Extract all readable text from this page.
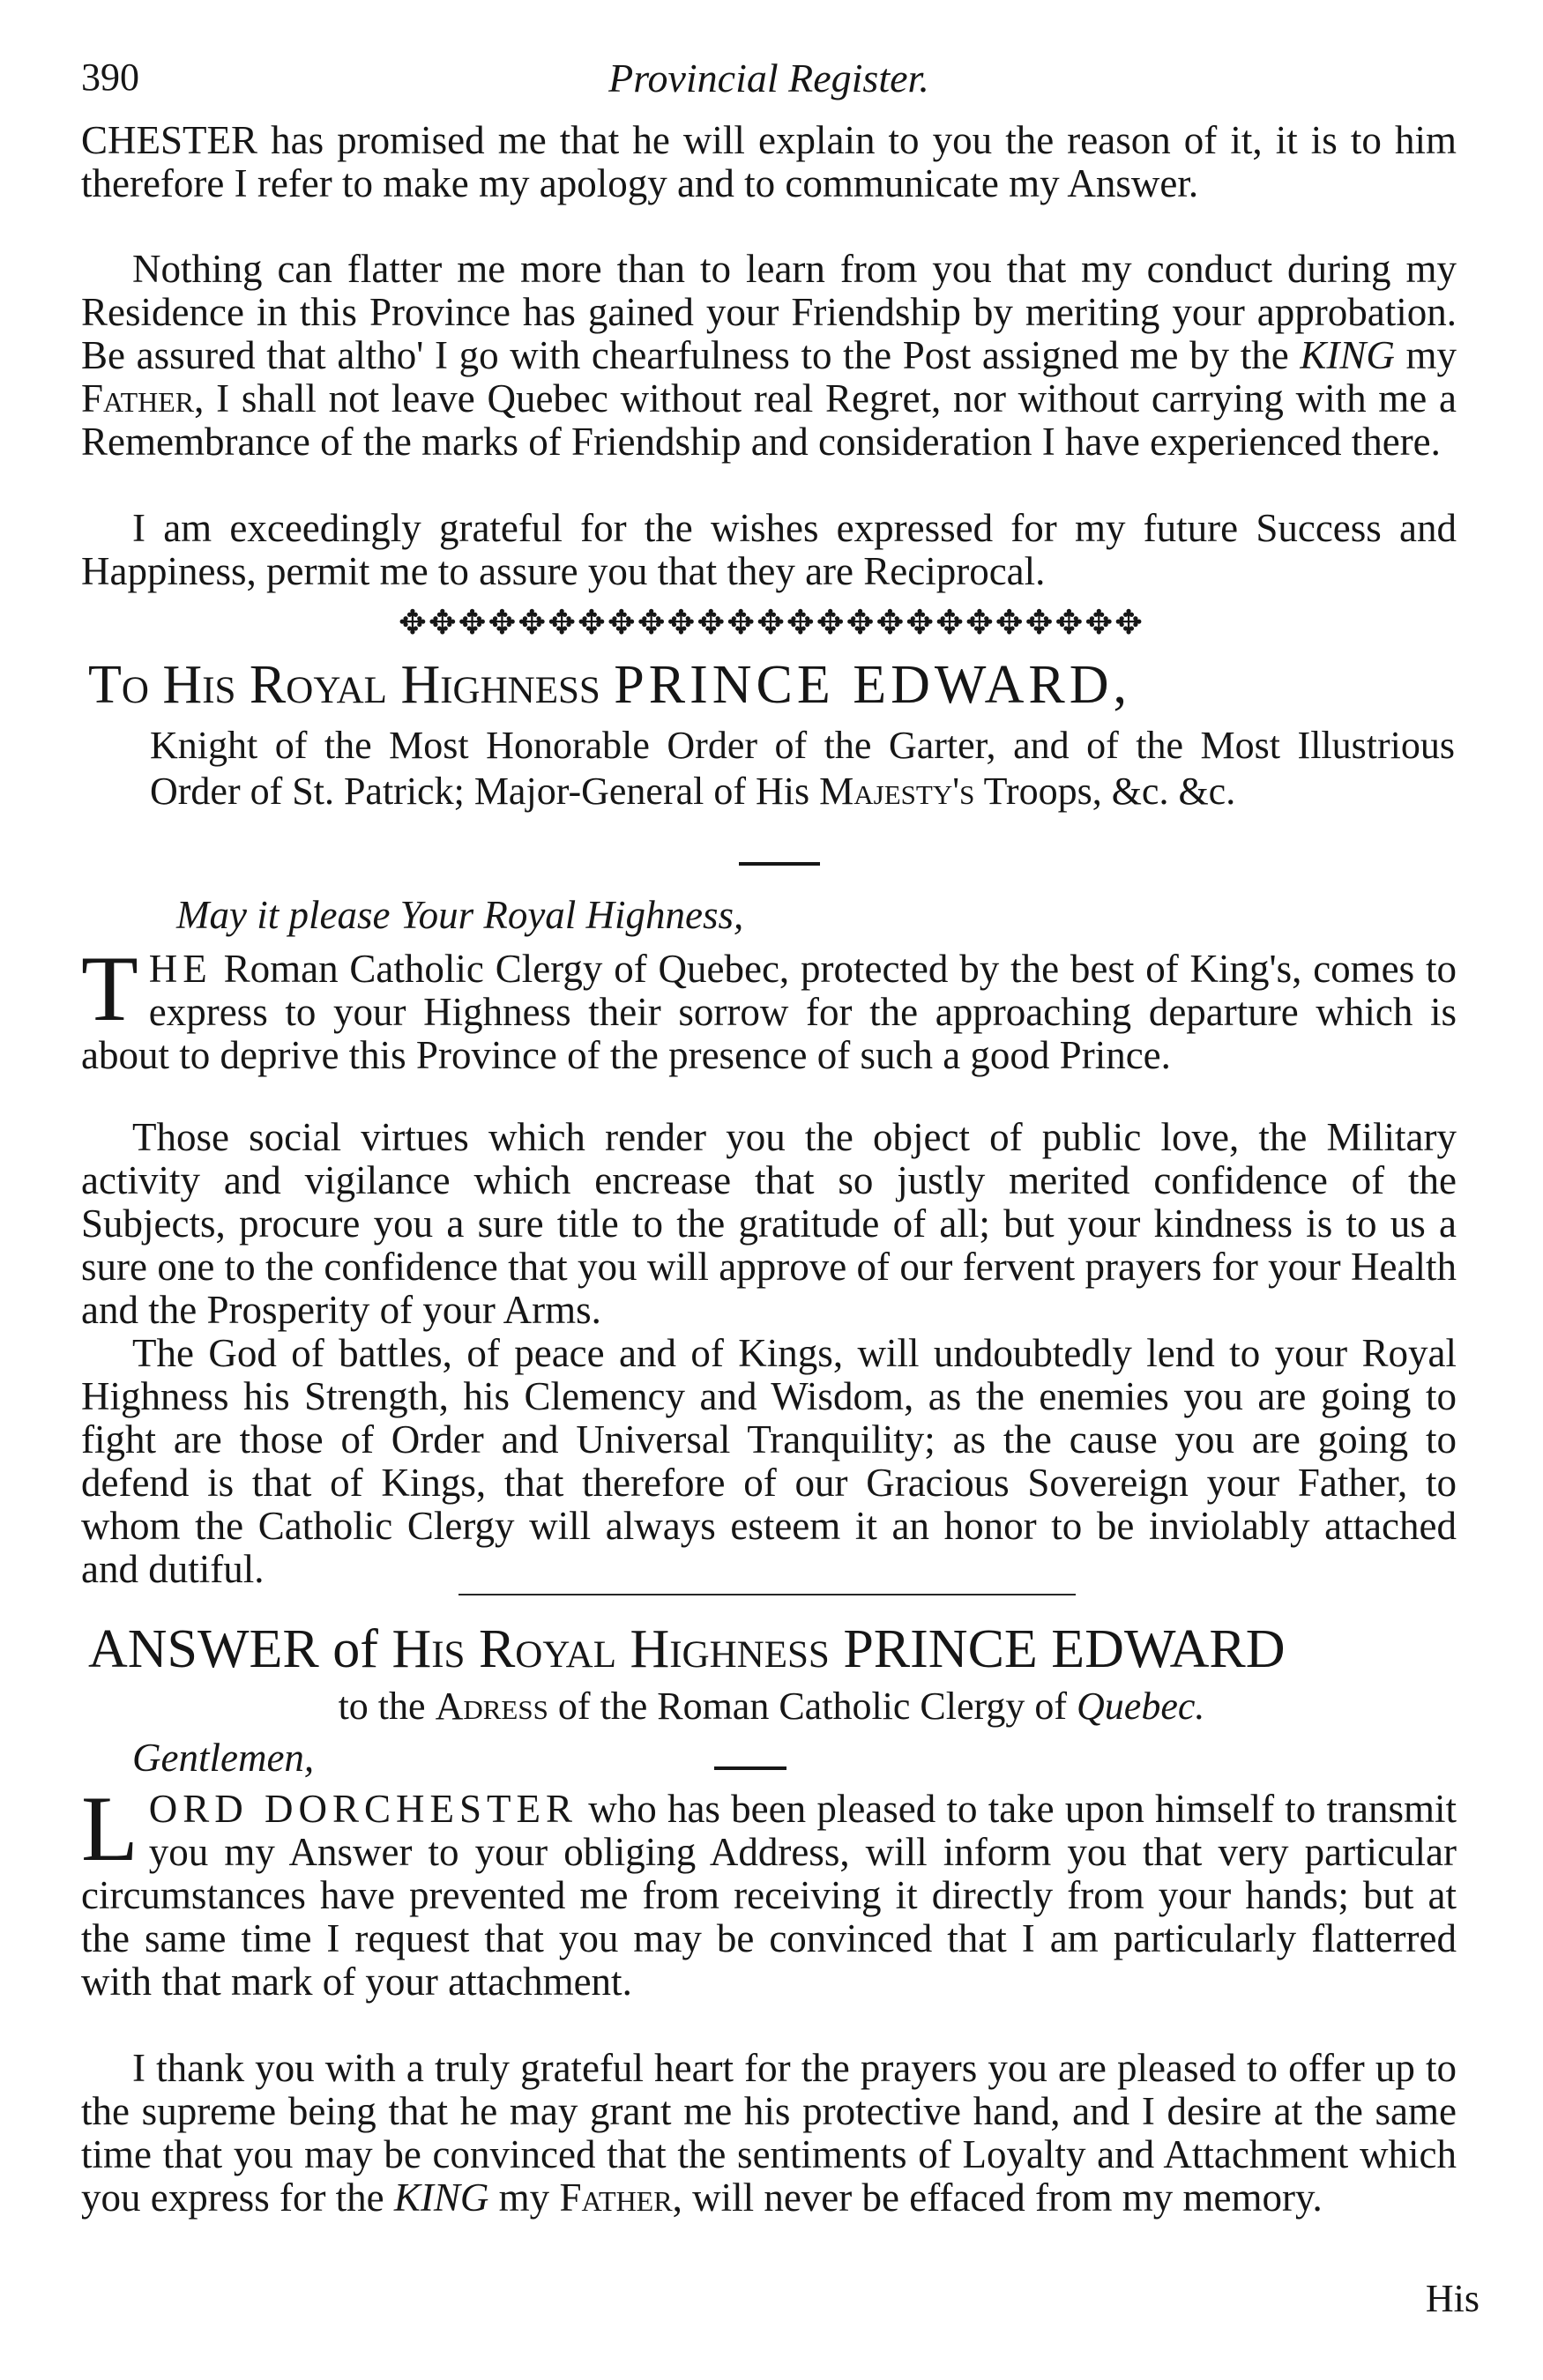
390	Provincial Register.

CHESTER has promised me that he will explain to you the reason of it, it is to him therefore I refer to make my apology and to communicate my Answer.

Nothing can flatter me more than to learn from you that my conduct during my Residence in this Province has gained your Friendship by meriting your approbation. Be assured that altho' I go with chearfulness to the Post assigned me by the KING my Father, I shall not leave Quebec without real Regret, nor without carrying with me a Remembrance of the marks of Friendship and consideration I have experienced there.

I am exceedingly grateful for the wishes expressed for my future Success and Happiness, permit me to assure you that they are Reciprocal.

✥✥✥✥✥✥✥✥✥✥✥✥✥✥✥✥✥✥✥✥✥✥✥✥✥

To His Royal Highness PRINCE EDWARD,

Knight of the Most Honorable Order of the Garter, and of the Most Illustrious Order of St. Patrick; Major-General of His Majesty's Troops, &c. &c.

May it please Your Royal Highness,

THE Roman Catholic Clergy of Quebec, protected by the best of King's, comes to express to your Highness their sorrow for the approaching departure which is about to deprive this Province of the presence of such a good Prince.

Those social virtues which render you the object of public love, the Military activity and vigilance which encrease that so justly merited confidence of the Subjects, procure you a sure title to the gratitude of all; but your kindness is to us a sure one to the confidence that you will approve of our fervent prayers for your Health and the Prosperity of your Arms.

The God of battles, of peace and of Kings, will undoubtedly lend to your Royal Highness his Strength, his Clemency and Wisdom, as the enemies you are going to fight are those of Order and Universal Tranquility; as the cause you are going to defend is that of Kings, that therefore of our Gracious Sovereign your Father, to whom the Catholic Clergy will always esteem it an honor to be inviolably attached and dutiful.

ANSWER of His Royal Highness PRINCE EDWARD

to the Adress of the Roman Catholic Clergy of Quebec.

Gentlemen,

LORD DORCHESTER who has been pleased to take upon himself to transmit you my Answer to your obliging Address, will inform you that very particular circumstances have prevented me from receiving it directly from your hands; but at the same time I request that you may be convinced that I am particularly flatterred with that mark of your attachment.

I thank you with a truly grateful heart for the prayers you are pleased to offer up to the supreme being that he may grant me his protective hand, and I desire at the same time that you may be convinced that the sentiments of Loyalty and Attachment which you express for the KING my Father, will never be effaced from my memory.

His
